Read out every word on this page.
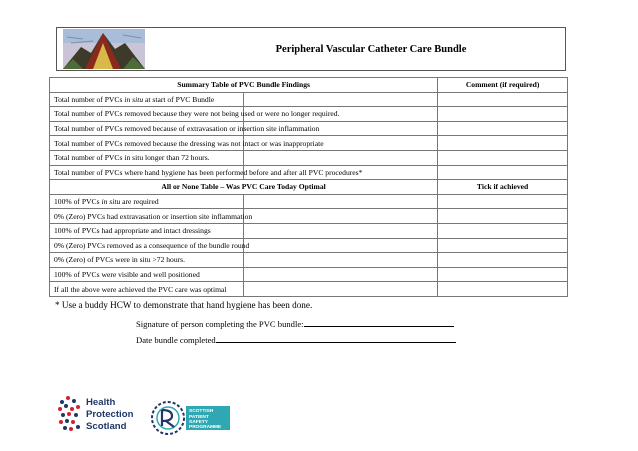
Peripheral Vascular Catheter Care Bundle
Summary Table of PVC Bundle Findings		Comment (if required)
Total number of PVCs in situ at start of PVC Bundle		
Total number of PVCs removed because they were not being used or were no longer required.		
Total number of PVCs removed because of extravasation or insertion site inflammation		
Total number of PVCs removed because the dressing was not intact or was inappropriate		
Total number of PVCs in situ longer than 72 hours.		
Total number of PVCs where hand hygiene has been performed before and after all PVC procedures*		
All or None Table – Was PVC Care Today Optimal		Tick if achieved
100% of PVCs in situ are required		
0% (Zero) PVCs had extravasation or insertion site inflammation		
100% of PVCs had appropriate and intact dressings		
0% (Zero) PVCs removed as a consequence of the bundle round		
0% (Zero) of PVCs were in situ >72 hours.		
100% of PVCs were visible and well positioned		
If all the above were achieved the PVC care was optimal		
* Use a buddy HCW to demonstrate that hand hygiene has been done.
Signature of person completing the PVC bundle:
Date bundle completed
Health
Protection
Scotland
SCOTTISH
PATIENT
SAFETY
PROGRAMME
